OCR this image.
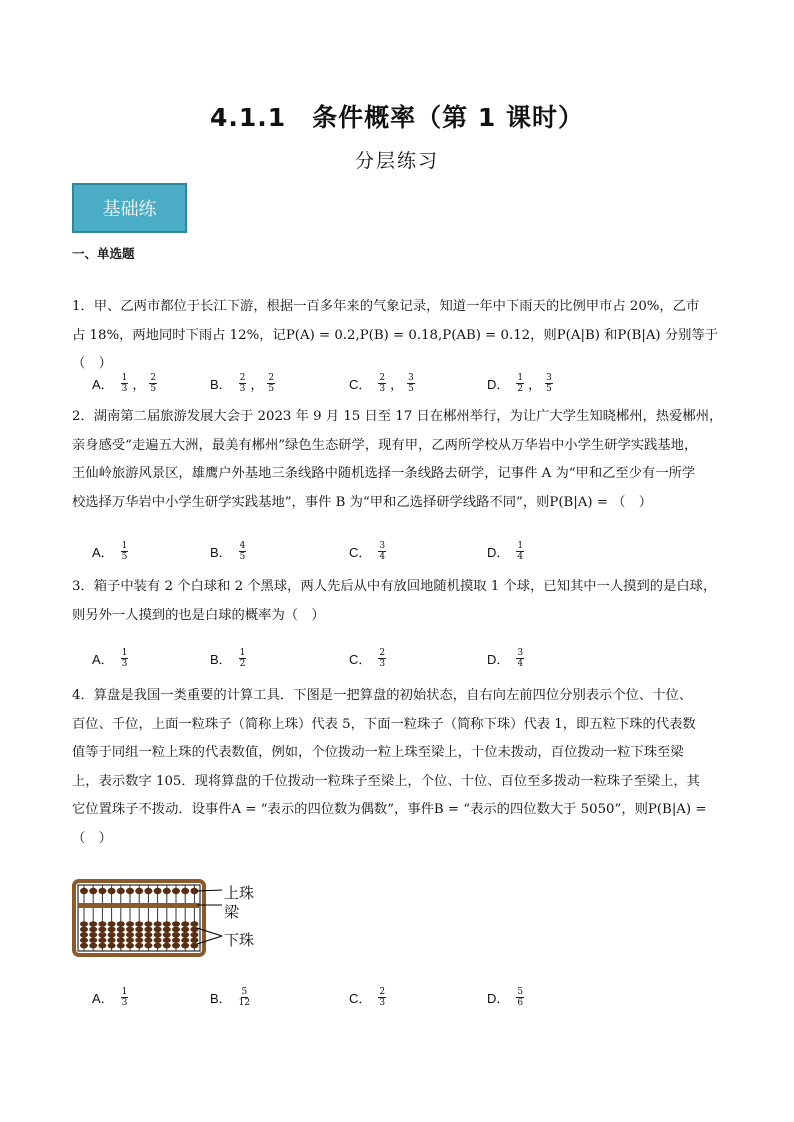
4.1.1　条件概率（第 1 课时）
分层练习
基础练
一、单选题

1．甲、乙两市都位于长江下游，根据一百多年来的气象记录，知道一年中下雨天的比例甲市占 20%，乙市

占 18%，两地同时下雨占 12%，记P(A) = 0.2,P(B) = 0.18,P(AB) = 0.12，则P(A|B) 和P(B|A) 分别等于

（　）

A． $\frac{1}{3}$ ， $\frac{2}{5}$	B． $\frac{2}{3}$ ， $\frac{2}{5}$	C． $\frac{2}{3}$ ， $\frac{3}{5}$	D． $\frac{1}{2}$ ， $\frac{3}{5}$

2．湖南第二届旅游发展大会于 2023 年 9 月 15 日至 17 日在郴州举行，为让广大学生知晓郴州，热爱郴州，

亲身感受“走遍五大洲，最美有郴州”绿色生态研学，现有甲，乙两所学校从万华岩中小学生研学实践基地，

王仙岭旅游风景区，雄鹰户外基地三条线路中随机选择一条线路去研学，记事件 A 为“甲和乙至少有一所学

校选择万华岩中小学生研学实践基地”，事件 B 为“甲和乙选择研学线路不同”，则P(B|A) = （　）

A． $\frac{1}{5}$	B． $\frac{4}{5}$	C． $\frac{3}{4}$	D． $\frac{1}{4}$

3．箱子中装有 2 个白球和 2 个黑球，两人先后从中有放回地随机摸取 1 个球，已知其中一人摸到的是白球，

则另外一人摸到的也是白球的概率为（　）

A． $\frac{1}{3}$	B． $\frac{1}{2}$	C． $\frac{2}{3}$	D． $\frac{3}{4}$

4．算盘是我国一类重要的计算工具．下图是一把算盘的初始状态，自右向左前四位分别表示个位、十位、

百位、千位，上面一粒珠子（简称上珠）代表 5，下面一粒珠子（简称下珠）代表 1，即五粒下珠的代表数

值等于同组一粒上珠的代表数值，例如，个位拨动一粒上珠至梁上，十位未拨动，百位拨动一粒下珠至梁

上，表示数字 105．现将算盘的千位拨动一粒珠子至梁上，个位、十位、百位至多拨动一粒珠子至梁上，其

它位置珠子不拨动．设事件A = “表示的四位数为偶数”，事件B = “表示的四位数大于 5050”，则P(B|A) =

（　）

上珠
梁
下珠
A． $\frac{1}{3}$	B． $\frac{5}{12}$	C． $\frac{2}{3}$	D． $\frac{5}{6}$
